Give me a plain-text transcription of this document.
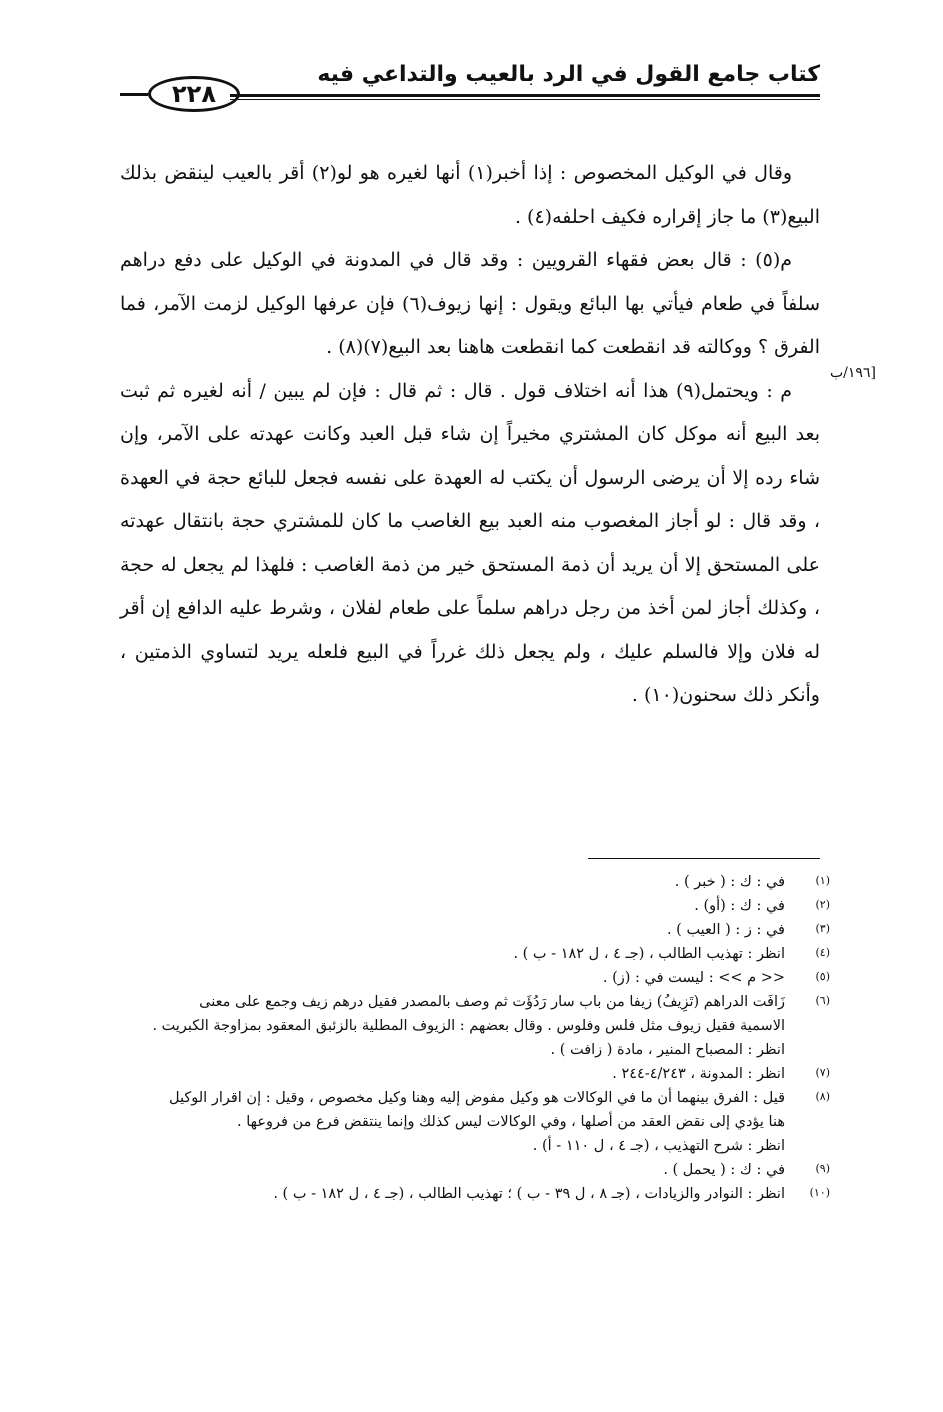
كتاب جامع القول في الرد بالعيب والتداعي فيه
٢٢٨
[١٩٦/ب

وقال في الوكيل المخصوص : إذا أخبر(١) أنها لغيره هو لو(٢) أقر بالعيب لينقض بذلك البيع(٣) ما جاز إقراره فكيف احلفه(٤) .

م(٥) : قال بعض فقهاء القرويين : وقد قال في المدونة في الوكيل على دفع دراهم سلفاً في طعام فيأتي بها البائع ويقول : إنها زيوف(٦) فإن عرفها الوكيل لزمت الآمر، فما الفرق ؟ ووكالته قد انقطعت كما انقطعت هاهنا بعد البيع(٧)(٨) .

م : ويحتمل(٩) هذا أنه اختلاف قول . قال : ثم قال : فإن لم يبين / أنه لغيره ثم ثبت بعد البيع أنه موكل كان المشتري مخيراً إن شاء قبل العبد وكانت عهدته على الآمر، وإن شاء رده إلا أن يرضى الرسول أن يكتب له العهدة على نفسه فجعل للبائع حجة في العهدة ، وقد قال : لو أجاز المغصوب منه العبد بيع الغاصب ما كان للمشتري حجة بانتقال عهدته على المستحق إلا أن يريد أن ذمة المستحق خير من ذمة الغاصب : فلهذا لم يجعل له حجة ، وكذلك أجاز لمن أخذ من رجل دراهم سلماً على طعام لفلان ، وشرط عليه الدافع إن أقر له فلان وإلا فالسلم عليك ، ولم يجعل ذلك غرراً في البيع فلعله يريد لتساوي الذمتين ، وأنكر ذلك سحنون(١٠) .

(١)
في : ك : ( خبر ) .
(٢)
في : ك : (أو) .
(٣)
في : ز : ( العيب ) .
(٤)
انظر : تهذيب الطالب ، (جـ ٤ ، ل ١٨٢ - ب ) .
(٥)
<< م >> : ليست في : (ز) .
(٦)
زَافَت الدراهم (تَزِيفُ) زيفا من باب سار رَدُؤَت ثم وصف بالمصدر فقيل درهم زيف وجمع على معنى
الاسمية فقيل زيوف مثل فلس وفلوس . وقال بعضهم : الزيوف المطلية بالزئبق المعقود بمزاوجة الكبريت .
انظر : المصباح المنير ، مادة ( زافت ) .
(٧)
انظر : المدونة ، ٤/٢٤٣-٢٤٤ .
(٨)
قيل : الفرق بينهما أن ما في الوكالات هو وكيل مفوض إليه وهنا وكيل مخصوص ، وقيل : إن اقرار الوكيل
هنا يؤدي إلى نقض العقد من أصلها ، وفي الوكالات ليس كذلك وإنما ينتقض فرع من فروعها .
انظر : شرح التهذيب ، (جـ ٤ ، ل ١١٠ - أ) .
(٩)
في : ك : ( يحمل ) .
(١٠)
انظر : النوادر والزيادات ، (جـ ٨ ، ل ٣٩ - ب ) ؛ تهذيب الطالب ، (جـ ٤ ، ل ١٨٢ - ب ) .
